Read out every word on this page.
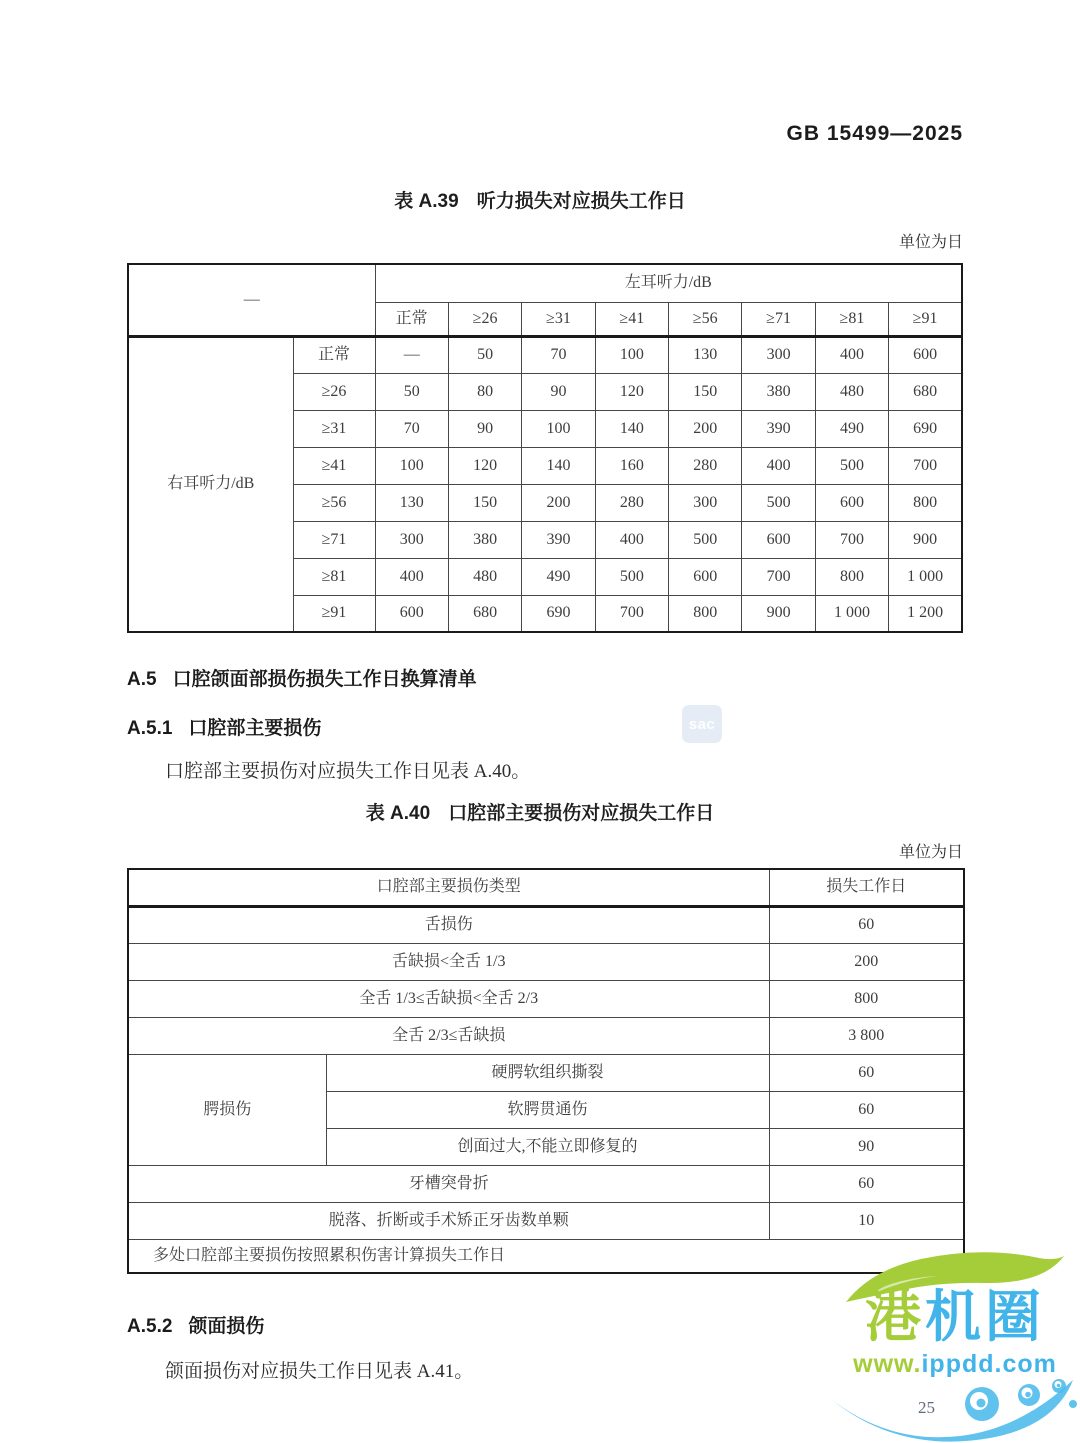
GB 15499—2025
表 A.39 听力损失对应损失工作日
单位为日
—		左耳听力/dB							
		正常	≥26	≥31	≥41	≥56	≥71	≥81	≥91
右耳听力/dB	正常	—	50	70	100	130	300	400	600
	≥26	50	80	90	120	150	380	480	680
	≥31	70	90	100	140	200	390	490	690
	≥41	100	120	140	160	280	400	500	700
	≥56	130	150	200	280	300	500	600	800
	≥71	300	380	390	400	500	600	700	900
	≥81	400	480	490	500	600	700	800	1 000
	≥91	600	680	690	700	800	900	1 000	1 200
A.5 口腔颌面部损伤损失工作日换算清单
sac
A.5.1 口腔部主要损伤
口腔部主要损伤对应损失工作日见表 A.40。
表 A.40 口腔部主要损伤对应损失工作日
单位为日
口腔部主要损伤类型		损失工作日
舌损伤		60
舌缺损<全舌 1/3		200
全舌 1/3≤舌缺损<全舌 2/3		800
全舌 2/3≤舌缺损		3 800
腭损伤	硬腭软组织撕裂	60
	软腭贯通伤	60
	创面过大,不能立即修复的	90
牙槽突骨折		60
脱落、折断或手术矫正牙齿数单颗		10
多处口腔部主要损伤按照累积伤害计算损失工作日		
A.5.2 颌面损伤
颌面损伤对应损失工作日见表 A.41。
25
港机圈
www.ippdd.com
